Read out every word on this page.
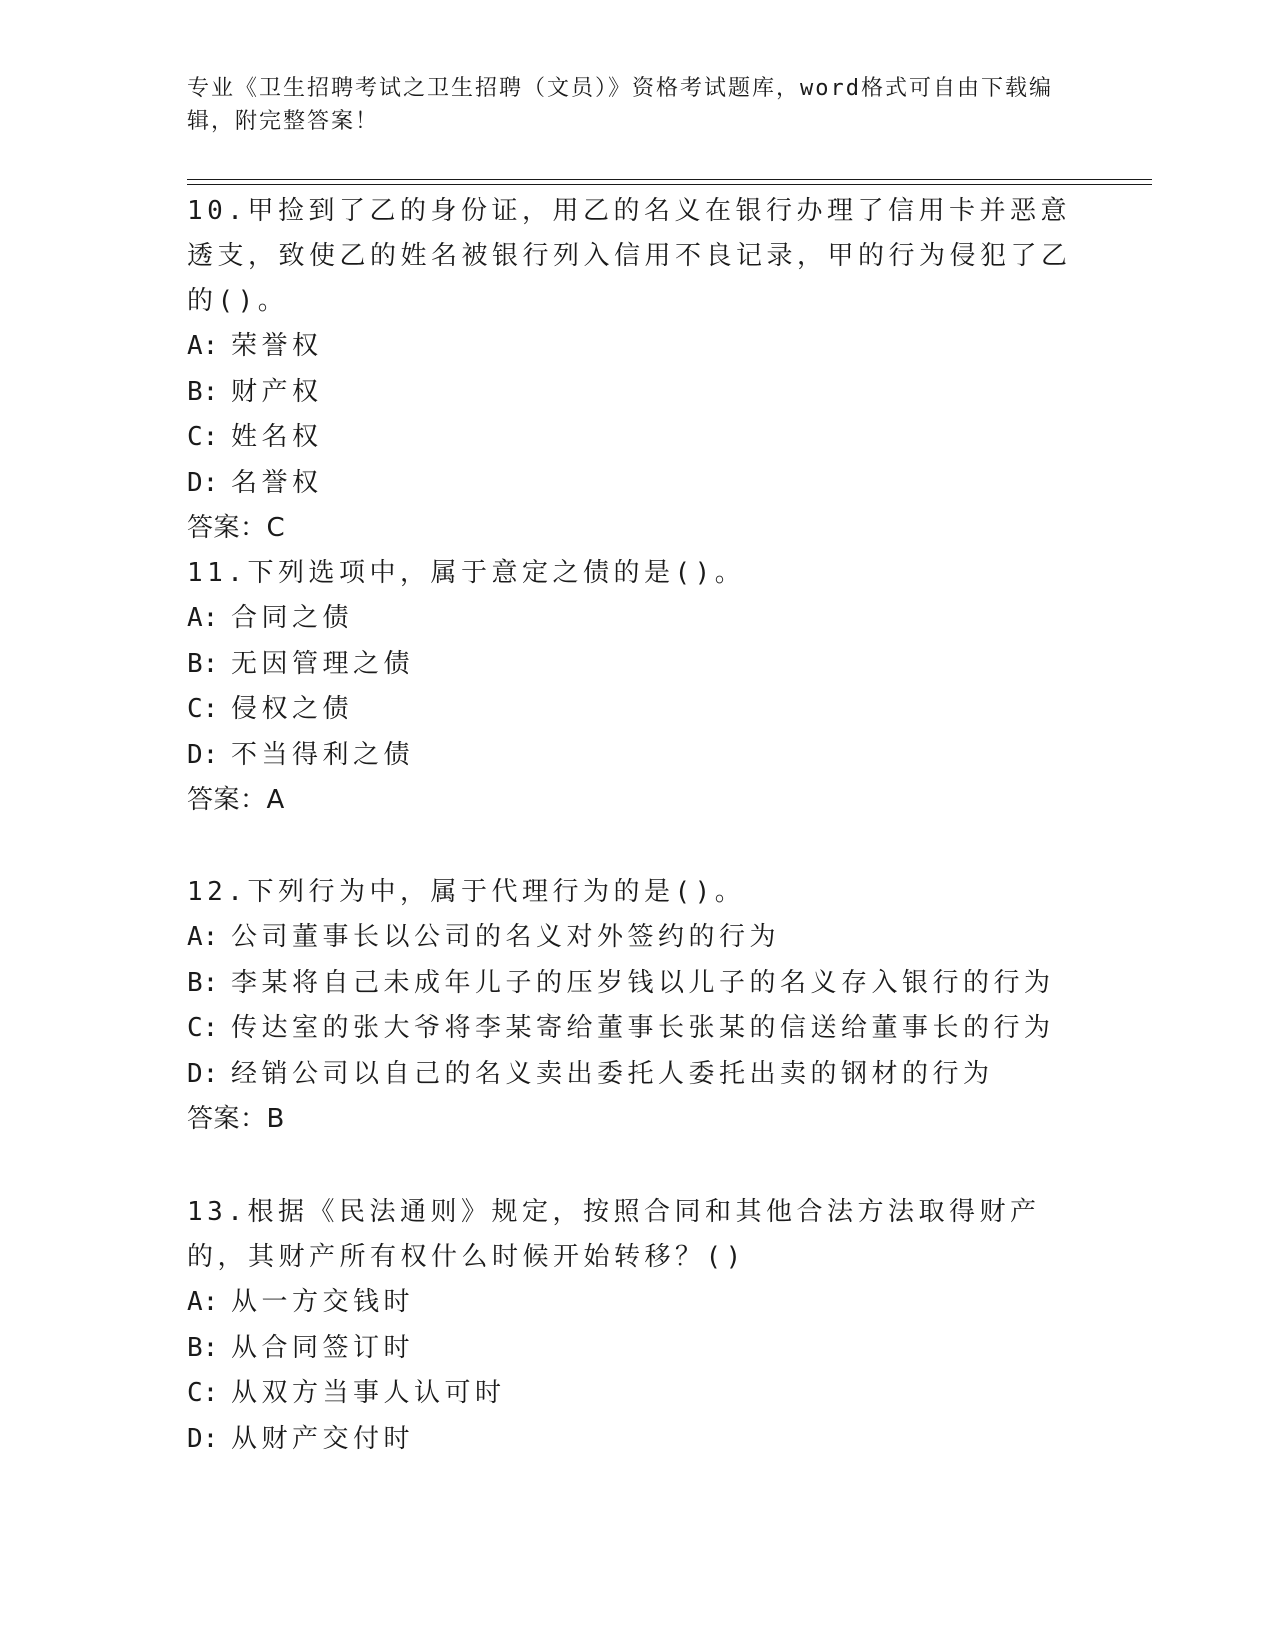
专业《卫生招聘考试之卫生招聘（文员）》资格考试题库，word格式可自由下载编辑，附完整答案！
10.甲捡到了乙的身份证，用乙的名义在银行办理了信用卡并恶意透支，致使乙的姓名被银行列入信用不良记录，甲的行为侵犯了乙的()。
A: 荣誉权
B: 财产权
C: 姓名权
D: 名誉权
答案：C
11.下列选项中，属于意定之债的是()。
A: 合同之债
B: 无因管理之债
C: 侵权之债
D: 不当得利之债
答案：A
12.下列行为中，属于代理行为的是()。
A: 公司董事长以公司的名义对外签约的行为
B: 李某将自己未成年儿子的压岁钱以儿子的名义存入银行的行为
C: 传达室的张大爷将李某寄给董事长张某的信送给董事长的行为
D: 经销公司以自己的名义卖出委托人委托出卖的钢材的行为
答案：B
13.根据《民法通则》规定，按照合同和其他合法方法取得财产的，其财产所有权什么时候开始转移？()
A: 从一方交钱时
B: 从合同签订时
C: 从双方当事人认可时
D: 从财产交付时
